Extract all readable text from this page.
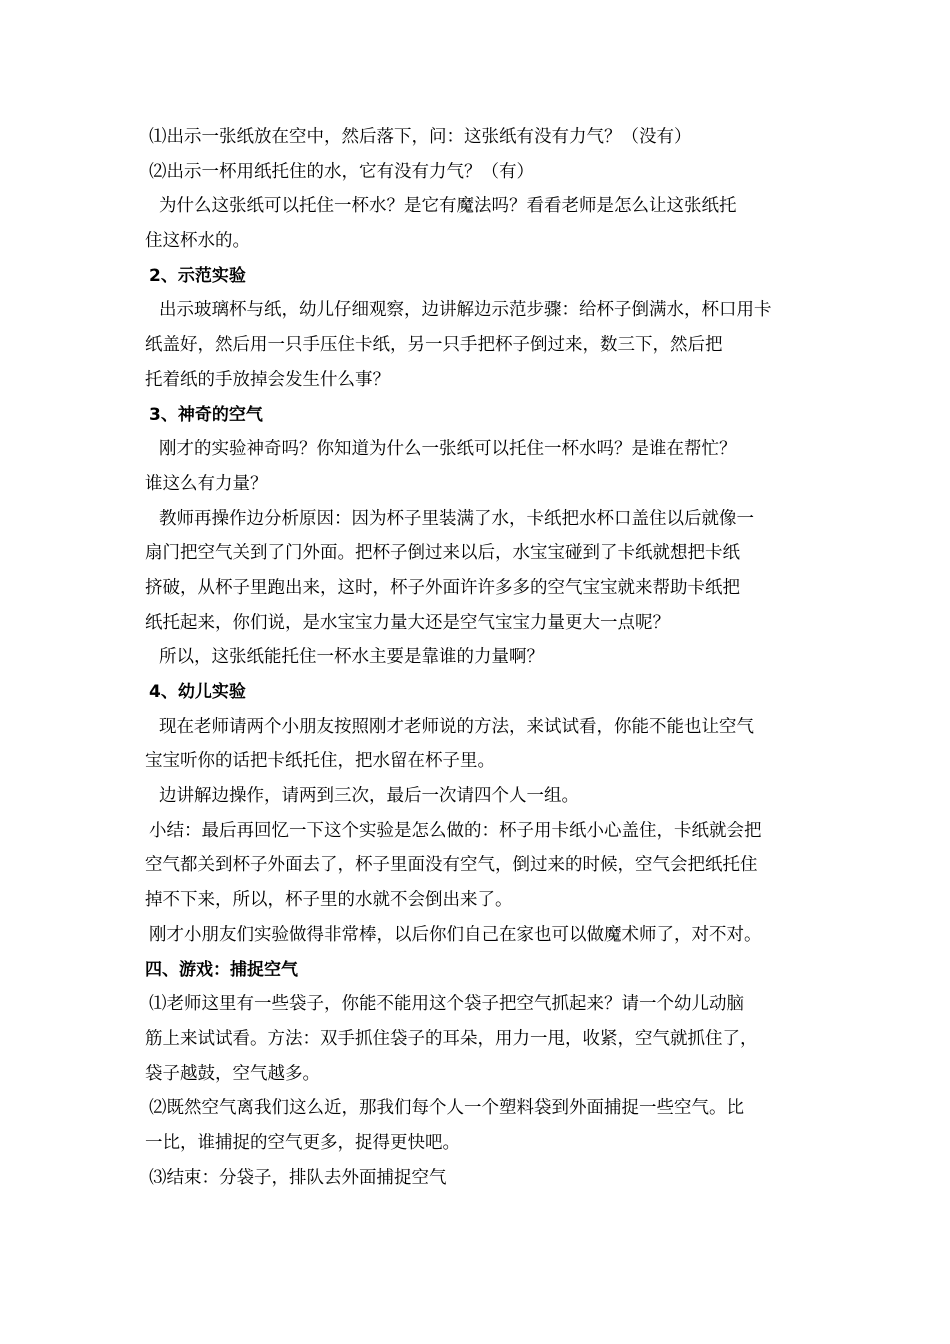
⑴出示一张纸放在空中，然后落下，问：这张纸有没有力气？（没有）
⑵出示一杯用纸托住的水，它有没有力气？（有）
为什么这张纸可以托住一杯水？是它有魔法吗？看看老师是怎么让这张纸托
住这杯水的。
2、示范实验
出示玻璃杯与纸，幼儿仔细观察，边讲解边示范步骤：给杯子倒满水，杯口用卡
纸盖好，然后用一只手压住卡纸，另一只手把杯子倒过来，数三下，然后把
托着纸的手放掉会发生什么事？
3、神奇的空气
刚才的实验神奇吗？你知道为什么一张纸可以托住一杯水吗？是谁在帮忙？
谁这么有力量？
教师再操作边分析原因：因为杯子里装满了水，卡纸把水杯口盖住以后就像一
扇门把空气关到了门外面。把杯子倒过来以后，水宝宝碰到了卡纸就想把卡纸
挤破，从杯子里跑出来，这时，杯子外面许许多多的空气宝宝就来帮助卡纸把
纸托起来，你们说，是水宝宝力量大还是空气宝宝力量更大一点呢？
所以，这张纸能托住一杯水主要是靠谁的力量啊？
4、幼儿实验
现在老师请两个小朋友按照刚才老师说的方法，来试试看，你能不能也让空气
宝宝听你的话把卡纸托住，把水留在杯子里。
边讲解边操作，请两到三次，最后一次请四个人一组。
小结：最后再回忆一下这个实验是怎么做的：杯子用卡纸小心盖住，卡纸就会把
空气都关到杯子外面去了，杯子里面没有空气，倒过来的时候，空气会把纸托住
掉不下来，所以，杯子里的水就不会倒出来了。
刚才小朋友们实验做得非常棒，以后你们自己在家也可以做魔术师了，对不对。
四、游戏：捕捉空气
⑴老师这里有一些袋子，你能不能用这个袋子把空气抓起来？请一个幼儿动脑
筋上来试试看。方法：双手抓住袋子的耳朵，用力一甩，收紧，空气就抓住了，
袋子越鼓，空气越多。
⑵既然空气离我们这么近，那我们每个人一个塑料袋到外面捕捉一些空气。比
一比，谁捕捉的空气更多，捉得更快吧。
⑶结束：分袋子，排队去外面捕捉空气
